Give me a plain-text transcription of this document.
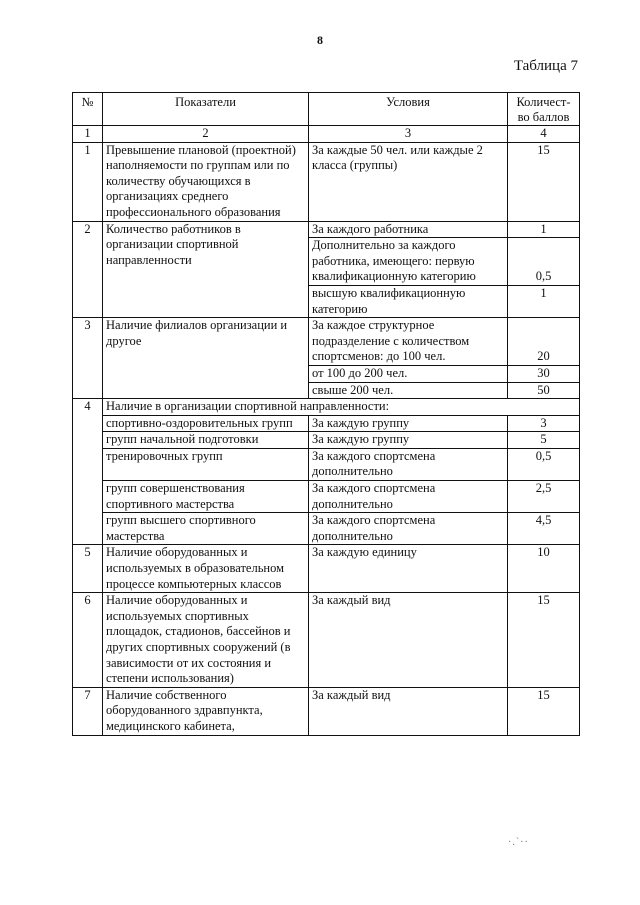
8
Таблица 7
№	Показатели	Условия	Количест-во баллов
1	2	3	4
1	Превышение плановой (проектной) наполняемости по группам или по количеству обучающихся в организациях среднего профессионального образования	За каждые 50 чел. или каждые 2 класса (группы)	15
2	Количество работников в организации спортивной направленности	За каждого работника	1
		Дополнительно за каждого работника, имеющего: первую квалификационную категорию	0,5
		высшую квалификационную категорию	1
3	Наличие филиалов организации и другое	За каждое структурное подразделение с количеством спортсменов: до 100 чел.	20
		от 100 до 200 чел.	30
		свыше 200 чел.	50
4	Наличие в организации спортивной направленности:		
	спортивно-оздоровительных групп	За каждую группу	3
	групп начальной подготовки	За каждую группу	5
	тренировочных групп	За каждого спортсмена дополнительно	0,5
	групп совершенствования спортивного мастерства	За каждого спортсмена дополнительно	2,5
	групп высшего спортивного мастерства	За каждого спортсмена дополнительно	4,5
5	Наличие оборудованных и используемых в образовательном процессе компьютерных классов	За каждую единицу	10
6	Наличие оборудованных и используемых спортивных площадок, стадионов, бассейнов и других спортивных сооружений (в зависимости от их состояния и степени использования)	За каждый вид	15
7	Наличие собственного оборудованного здравпункта, медицинского кабинета,	За каждый вид	15
·.ˋ··
